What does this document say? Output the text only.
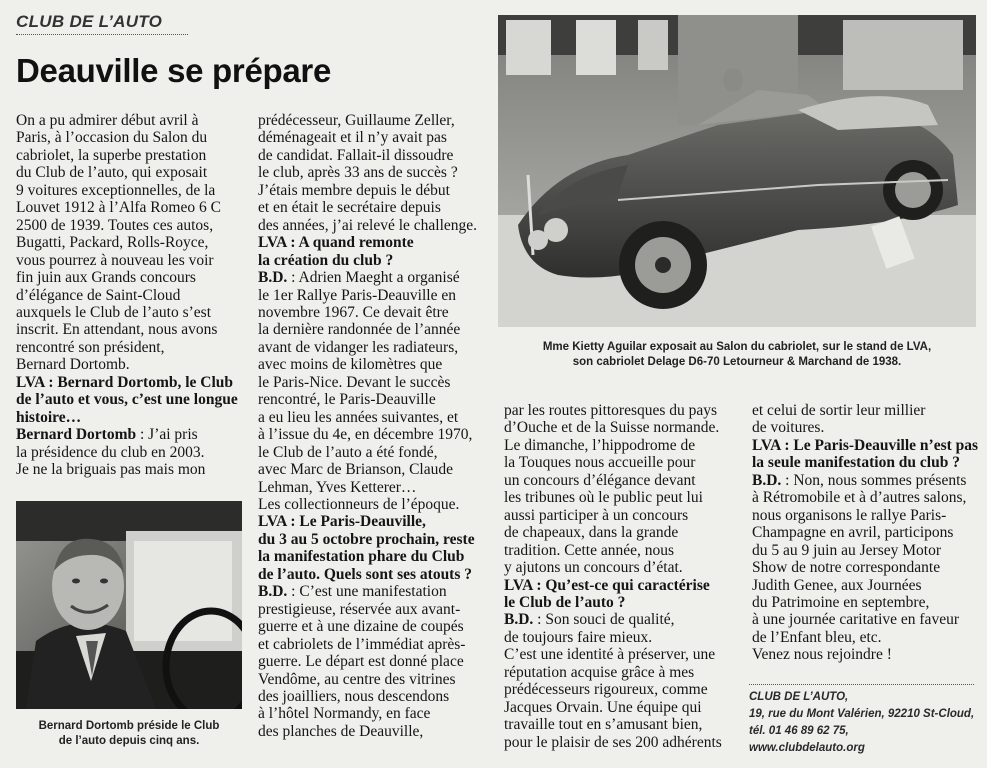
CLUB DE L’AUTO
Deauville se prépare
On a pu admirer début avril à
Paris, à l’occasion du Salon du
cabriolet, la superbe prestation
du Club de l’auto, qui exposait
9 voitures exceptionnelles, de la
Louvet 1912 à l’Alfa Romeo 6 C
2500 de 1939. Toutes ces autos,
Bugatti, Packard, Rolls-Royce,
vous pourrez à nouveau les voir
fin juin aux Grands concours
d’élégance de Saint-Cloud
auxquels le Club de l’auto s’est
inscrit. En attendant, nous avons
rencontré son président,
Bernard Dortomb.
LVA : Bernard Dortomb, le Club
de l’auto et vous, c’est une longue
histoire…
Bernard Dortomb : J’ai pris
la présidence du club en 2003.
Je ne la briguais pas mais mon
Bernard Dortomb préside le Club
de l’auto depuis cinq ans.
prédécesseur, Guillaume Zeller,
déménageait et il n’y avait pas
de candidat. Fallait-il dissoudre
le club, après 33 ans de succès ?
J’étais membre depuis le début
et en était le secrétaire depuis
des années, j’ai relevé le challenge.
LVA : A quand remonte
la création du club ?
B.D. : Adrien Maeght a organisé
le 1er Rallye Paris-Deauville en
novembre 1967. Ce devait être
la dernière randonnée de l’année
avant de vidanger les radiateurs,
avec moins de kilomètres que
le Paris-Nice. Devant le succès
rencontré, le Paris-Deauville
a eu lieu les années suivantes, et
à l’issue du 4e, en décembre 1970,
le Club de l’auto a été fondé,
avec Marc de Brianson, Claude
Lehman, Yves Ketterer…
Les collectionneurs de l’époque.
LVA : Le Paris-Deauville,
du 3 au 5 octobre prochain, reste
la manifestation phare du Club
de l’auto. Quels sont ses atouts ?
B.D. : C’est une manifestation
prestigieuse, réservée aux avant-
guerre et à une dizaine de coupés
et cabriolets de l’immédiat après-
guerre. Le départ est donné place
Vendôme, au centre des vitrines
des joailliers, nous descendons
à l’hôtel Normandy, en face
des planches de Deauville,
Mme Kietty Aguilar exposait au Salon du cabriolet, sur le stand de LVA,
son cabriolet Delage D6-70 Letourneur & Marchand de 1938.
par les routes pittoresques du pays
d’Ouche et de la Suisse normande.
Le dimanche, l’hippodrome de
la Touques nous accueille pour
un concours d’élégance devant
les tribunes où le public peut lui
aussi participer à un concours
de chapeaux, dans la grande
tradition. Cette année, nous
y ajutons un concours d’état.
LVA : Qu’est-ce qui caractérise
le Club de l’auto ?
B.D. : Son souci de qualité,
de toujours faire mieux.
C’est une identité à préserver, une
réputation acquise grâce à mes
prédécesseurs rigoureux, comme
Jacques Orvain. Une équipe qui
travaille tout en s’amusant bien,
pour le plaisir de ses 200 adhérents
et celui de sortir leur millier
de voitures.
LVA : Le Paris-Deauville n’est pas
la seule manifestation du club ?
B.D. : Non, nous sommes présents
à Rétromobile et à d’autres salons,
nous organisons le rallye Paris-
Champagne en avril, participons
du 5 au 9 juin au Jersey Motor
Show de notre correspondante
Judith Genee, aux Journées
du Patrimoine en septembre,
à une journée caritative en faveur
de l’Enfant bleu, etc.
Venez nous rejoindre !
CLUB DE L’AUTO,
19, rue du Mont Valérien, 92210 St-Cloud,
tél. 01 46 89 62 75,
www.clubdelauto.org
